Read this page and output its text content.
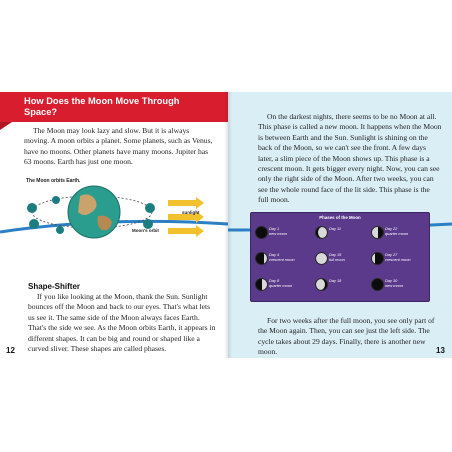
How Does the Moon Move Through Space?

The Moon may look lazy and slow. But it is always moving. A moon orbits a planet. Some planets, such as Venus, have no moons. Other planets have many moons. Jupiter has 63 moons. Earth has just one moon.

The Moon orbits Earth.
Moon's orbit
sunlight
Shape-Shifter

If you like looking at the Moon, thank the Sun. Sunlight bounces off the Moon and back to our eyes. That's what lets us see it. The same side of the Moon always faces Earth. That's the side we see. As the Moon orbits Earth, it appears in different shapes. It can be big and round or shaped like a curved sliver. These shapes are called phases.

12

On the darkest nights, there seems to be no Moon at all. This phase is called a new moon. It happens when the Moon is between Earth and the Sun. Sunlight is shining on the back of the Moon, so we can't see the front. A few days later, a slim piece of the Moon shows up. This phase is a crescent moon. It gets bigger every night. Now, you can see only the right side of the Moon. After two weeks, you can see the whole round face of the lit side. This phase is the full moon.

For two weeks after the full moon, you see only part of the Moon again. Then, you can see just the left side. The cycle takes about 29 days. Finally, there is another new moon.	13
Phases of the Moon
Day 1
new moon
Day 11	Day 22
quarter moon
Day 4
crescent moon
Day 15
full moon
Day 27
crescent moon
Day 8
quarter moon
Day 18	Day 30
new moon
